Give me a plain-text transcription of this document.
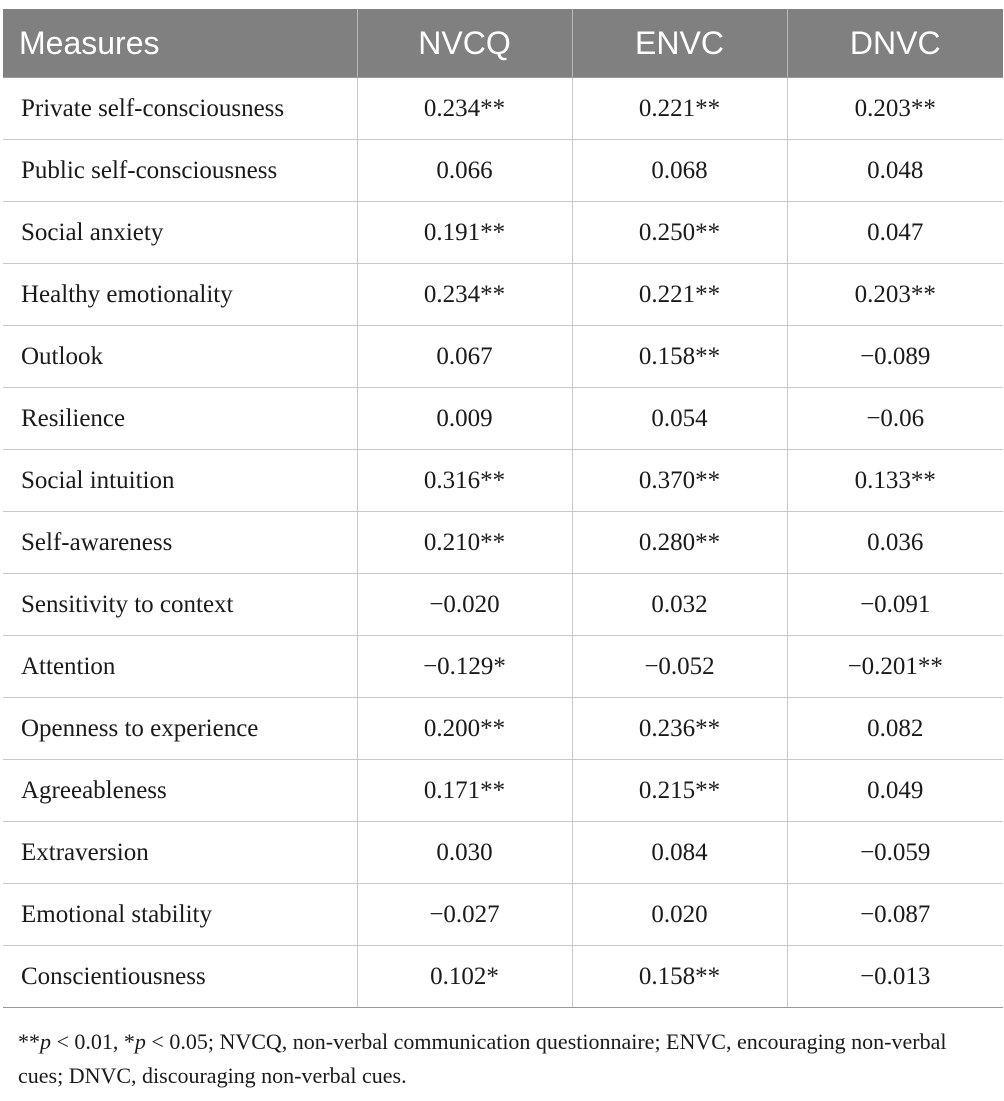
Measures	NVCQ	ENVC	DNVC
Private self-consciousness	0.234**	0.221**	0.203**
Public self-consciousness	0.066	0.068	0.048
Social anxiety	0.191**	0.250**	0.047
Healthy emotionality	0.234**	0.221**	0.203**
Outlook	0.067	0.158**	−0.089
Resilience	0.009	0.054	−0.06
Social intuition	0.316**	0.370**	0.133**
Self-awareness	0.210**	0.280**	0.036
Sensitivity to context	−0.020	0.032	−0.091
Attention	−0.129*	−0.052	−0.201**
Openness to experience	0.200**	0.236**	0.082
Agreeableness	0.171**	0.215**	0.049
Extraversion	0.030	0.084	−0.059
Emotional stability	−0.027	0.020	−0.087
Conscientiousness	0.102*	0.158**	−0.013
**p < 0.01, *p < 0.05; NVCQ, non-verbal communication questionnaire; ENVC, encouraging non-verbal cues; DNVC, discouraging non-verbal cues.
